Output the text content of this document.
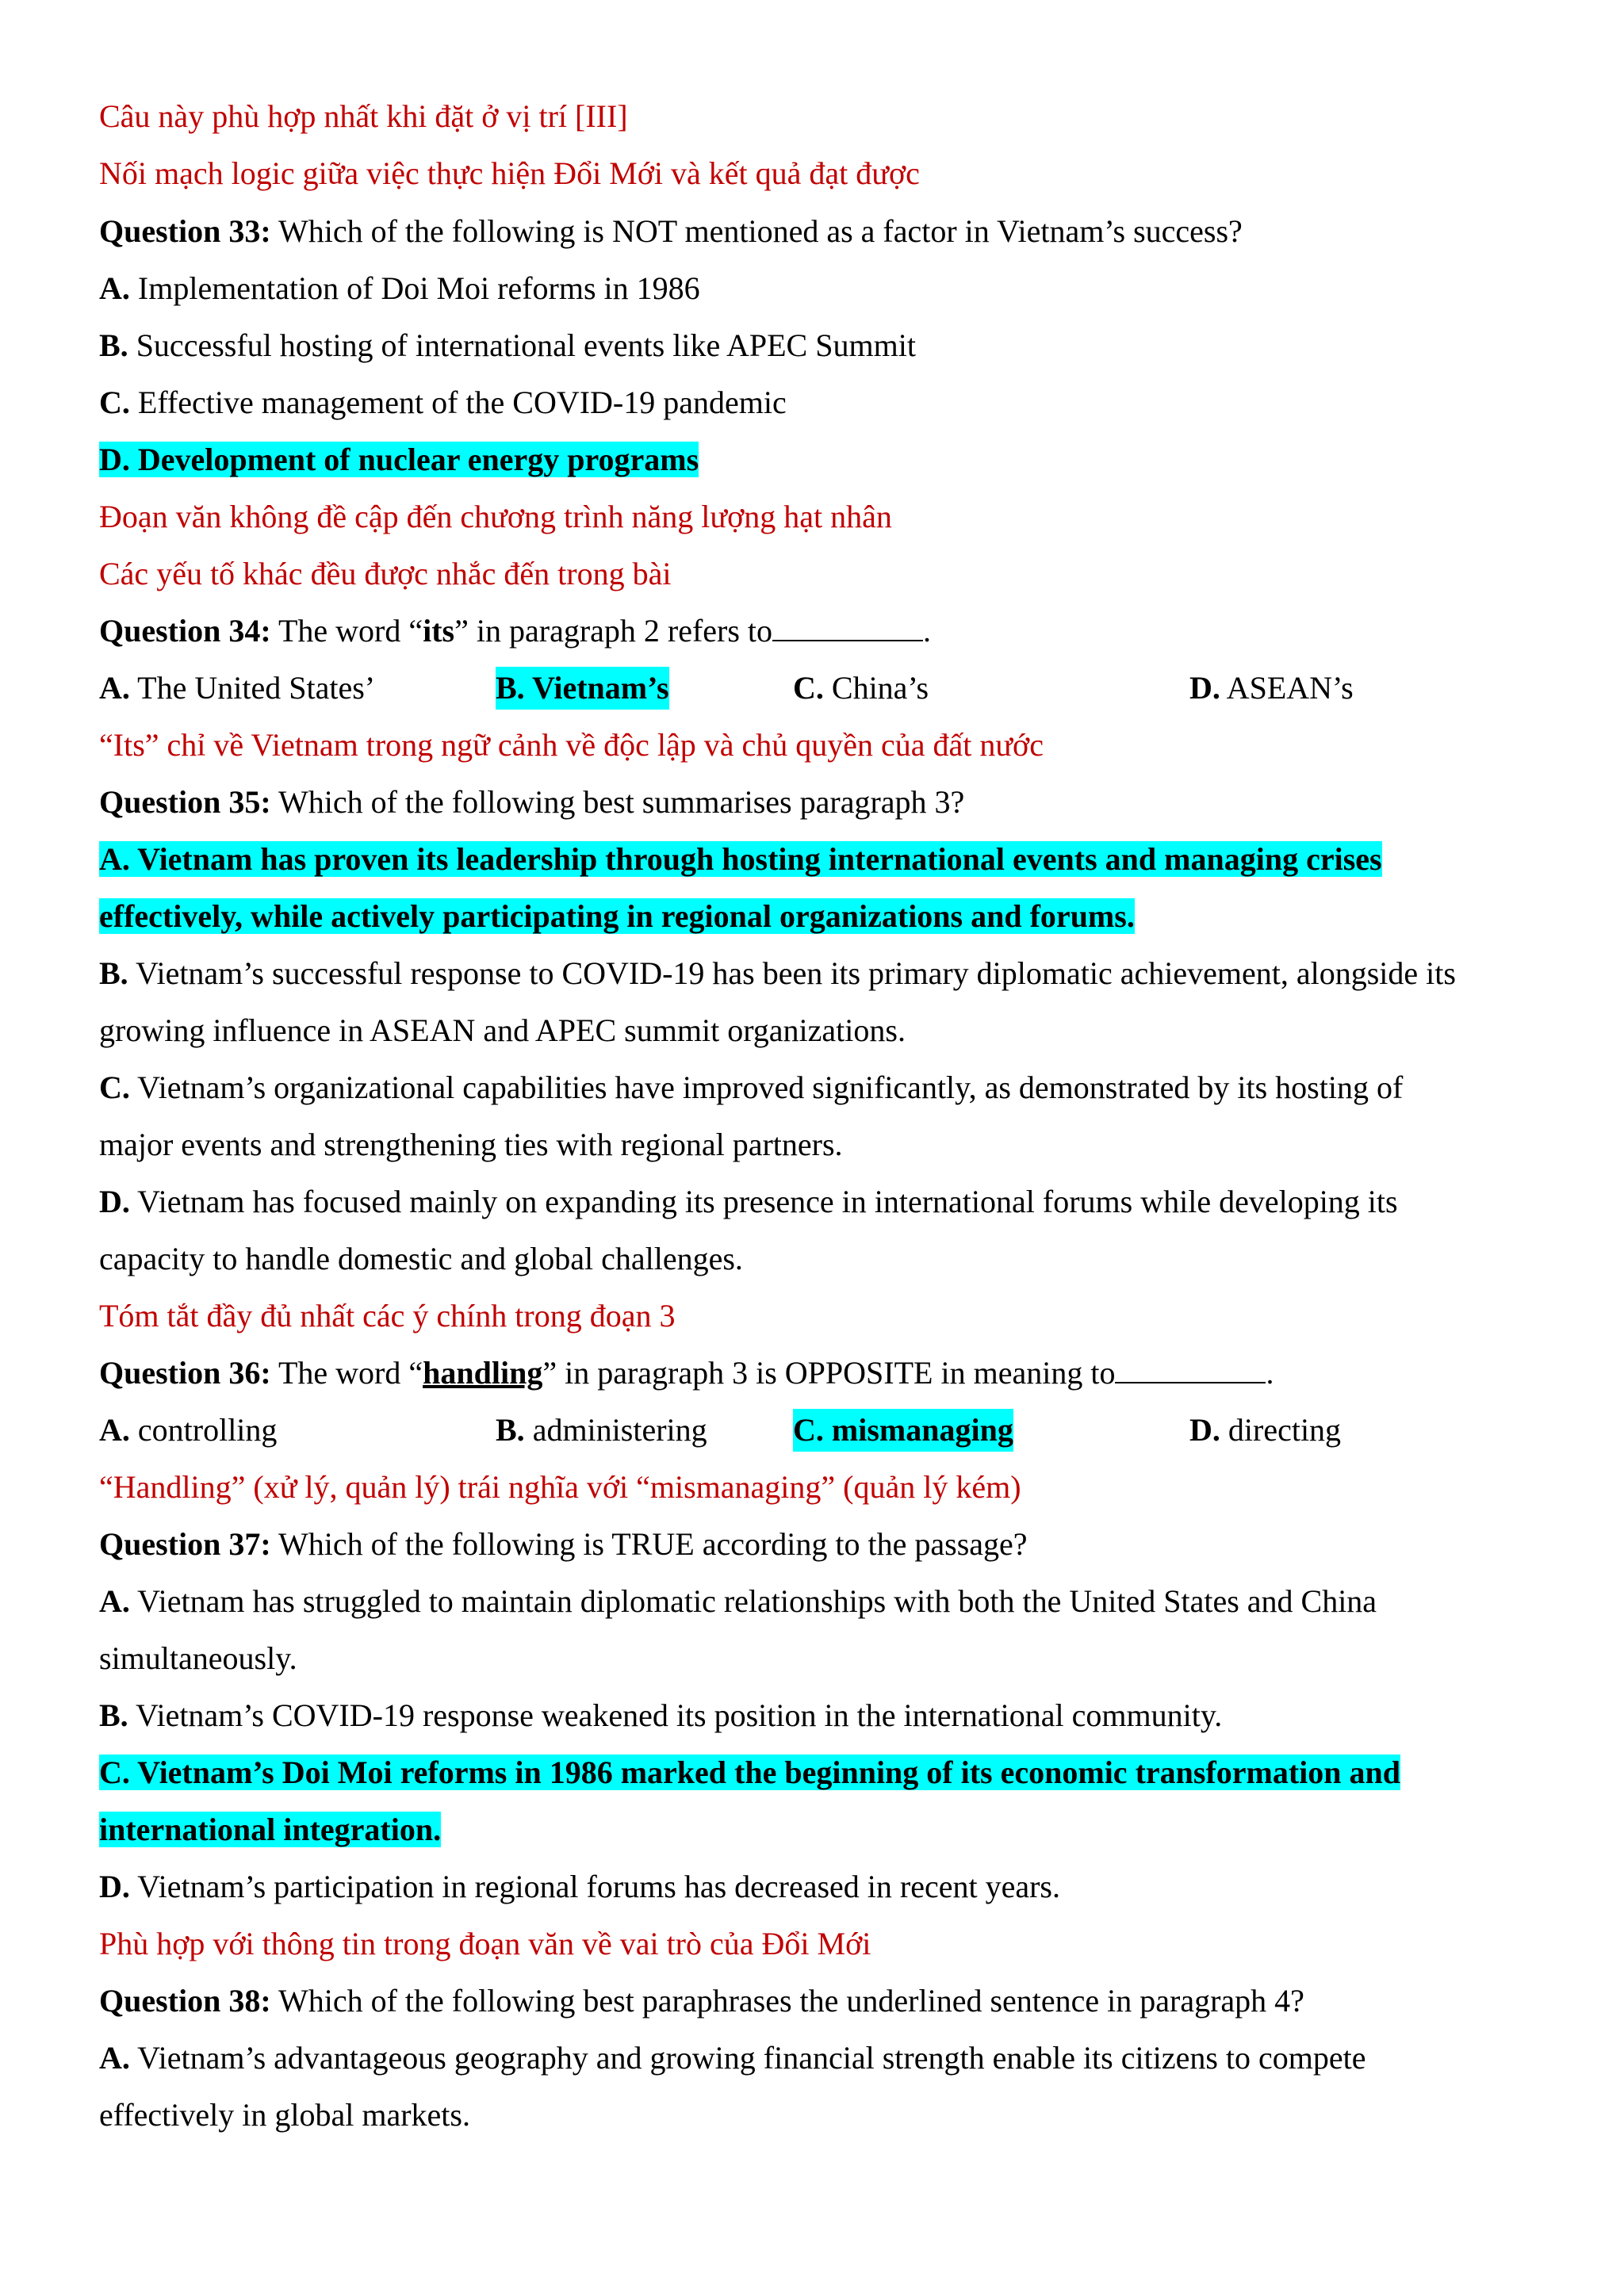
Câu này phù hợp nhất khi đặt ở vị trí [III]
Nối mạch logic giữa việc thực hiện Đổi Mới và kết quả đạt được
Question 33: Which of the following is NOT mentioned as a factor in Vietnam’s success?
A. Implementation of Doi Moi reforms in 1986
B. Successful hosting of international events like APEC Summit
C. Effective management of the COVID-19 pandemic
D. Development of nuclear energy programs
Đoạn văn không đề cập đến chương trình năng lượng hạt nhân
Các yếu tố khác đều được nhắc đến trong bài
Question 34: The word “its” in paragraph 2 refers to	.
A. The United States’	B. Vietnam’s	C. China’s	D. ASEAN’s
“Its” chỉ về Vietnam trong ngữ cảnh về độc lập và chủ quyền của đất nước
Question 35: Which of the following best summarises paragraph 3?
A. Vietnam has proven its leadership through hosting international events and managing crises
effectively, while actively participating in regional organizations and forums.
B. Vietnam’s successful response to COVID-19 has been its primary diplomatic achievement, alongside its
growing influence in ASEAN and APEC summit organizations.
C. Vietnam’s organizational capabilities have improved significantly, as demonstrated by its hosting of
major events and strengthening ties with regional partners.
D. Vietnam has focused mainly on expanding its presence in international forums while developing its
capacity to handle domestic and global challenges.
Tóm tắt đầy đủ nhất các ý chính trong đoạn 3
Question 36: The word “handling” in paragraph 3 is OPPOSITE in meaning to	.
A. controlling	B. administering	C. mismanaging	D. directing
“Handling” (xử lý, quản lý) trái nghĩa với “mismanaging” (quản lý kém)
Question 37: Which of the following is TRUE according to the passage?
A. Vietnam has struggled to maintain diplomatic relationships with both the United States and China
simultaneously.
B. Vietnam’s COVID-19 response weakened its position in the international community.
C. Vietnam’s Doi Moi reforms in 1986 marked the beginning of its economic transformation and
international integration.
D. Vietnam’s participation in regional forums has decreased in recent years.
Phù hợp với thông tin trong đoạn văn về vai trò của Đổi Mới
Question 38: Which of the following best paraphrases the underlined sentence in paragraph 4?
A. Vietnam’s advantageous geography and growing financial strength enable its citizens to compete
effectively in global markets.
